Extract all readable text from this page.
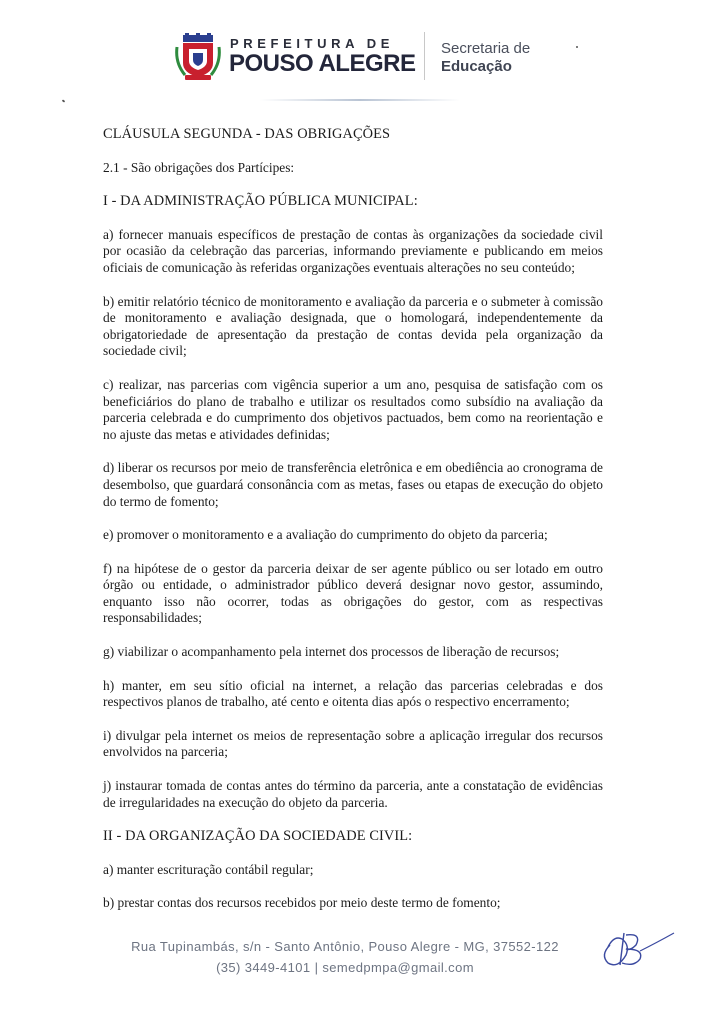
PREFEITURA DE
POUSO ALEGRE
Secretaria de
Educação

CLÁUSULA SEGUNDA - DAS OBRIGAÇÕES

2.1 - São obrigações dos Partícipes:

I - DA ADMINISTRAÇÃO PÚBLICA MUNICIPAL:

a) fornecer manuais específicos de prestação de contas às organizações da sociedade civil por ocasião da celebração das parcerias, informando previamente e publicando em meios oficiais de comunicação às referidas organizações eventuais alterações no seu conteúdo;

b) emitir relatório técnico de monitoramento e avaliação da parceria e o submeter à comissão de monitoramento e avaliação designada, que o homologará, independentemente da obrigatoriedade de apresentação da prestação de contas devida pela organização da sociedade civil;

c) realizar, nas parcerias com vigência superior a um ano, pesquisa de satisfação com os beneficiários do plano de trabalho e utilizar os resultados como subsídio na avaliação da parceria celebrada e do cumprimento dos objetivos pactuados, bem como na reorientação e no ajuste das metas e atividades definidas;

d) liberar os recursos por meio de transferência eletrônica e em obediência ao cronograma de desembolso, que guardará consonância com as metas, fases ou etapas de execução do objeto do termo de fomento;

e) promover o monitoramento e a avaliação do cumprimento do objeto da parceria;

f) na hipótese de o gestor da parceria deixar de ser agente público ou ser lotado em outro órgão ou entidade, o administrador público deverá designar novo gestor, assumindo, enquanto isso não ocorrer, todas as obrigações do gestor, com as respectivas responsabilidades;

g) viabilizar o acompanhamento pela internet dos processos de liberação de recursos;

h) manter, em seu sítio oficial na internet, a relação das parcerias celebradas e dos respectivos planos de trabalho, até cento e oitenta dias após o respectivo encerramento;

i) divulgar pela internet os meios de representação sobre a aplicação irregular dos recursos envolvidos na parceria;

j) instaurar tomada de contas antes do término da parceria, ante a constatação de evidências de irregularidades na execução do objeto da parceria.

II - DA ORGANIZAÇÃO DA SOCIEDADE CIVIL:

a) manter escrituração contábil regular;

b) prestar contas dos recursos recebidos por meio deste termo de fomento;

Rua Tupinambás, s/n - Santo Antônio, Pouso Alegre - MG, 37552-122
(35) 3449-4101 | semedpmpa@gmail.com
